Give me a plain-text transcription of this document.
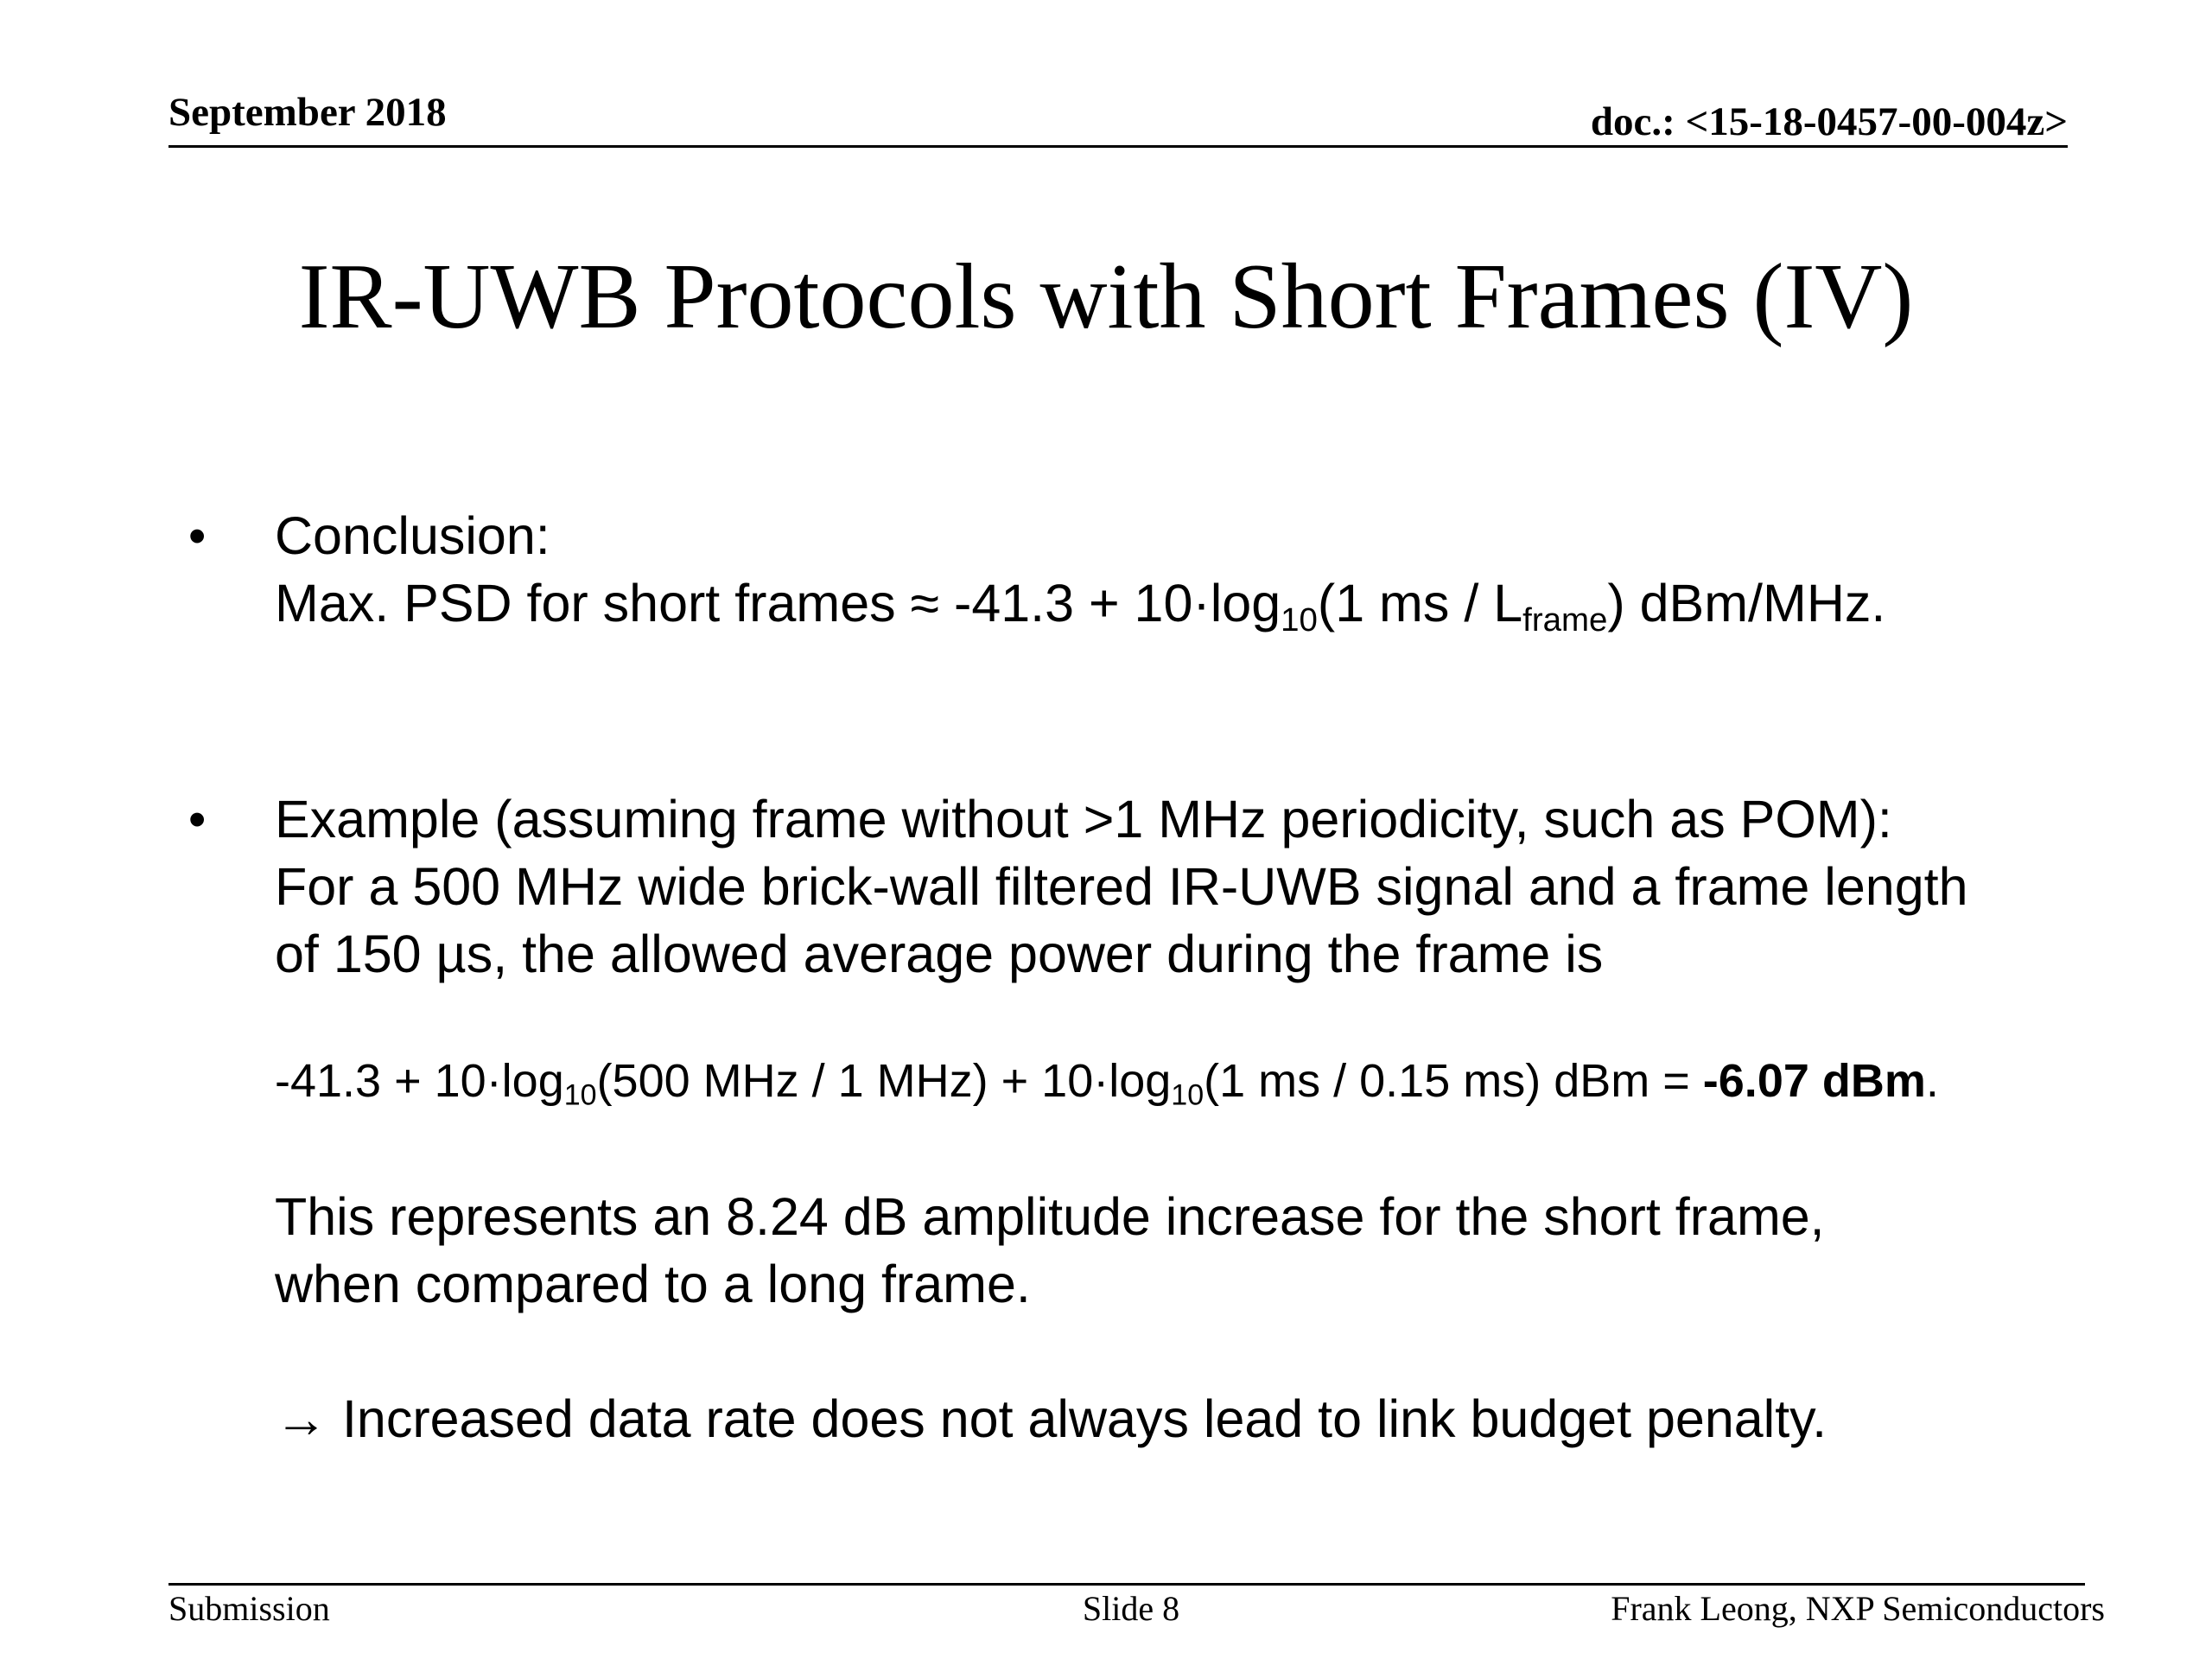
September 2018	doc.: <15-18-0457-00-004z>
IR-UWB Protocols with Short Frames (IV)
• Conclusion:
Max. PSD for short frames ≈ $-41.3 + 10\cdot\log_{10}(1$ ms / $L_{frame}$) dBm/MHz.
• Example (assuming frame without >1 MHz periodicity, such as POM):
For a 500 MHz wide brick-wall filtered IR-UWB signal and a frame length
of 150 µs, the allowed average power during the frame is
$-41.3 + 10\cdot\log_{10}(500$ MHz / 1 $MHz) + 10\cdot\log_{10}(1$ ms / 0.15 ms) dBm = -6.07 dBm.
This represents an 8.24 dB amplitude increase for the short frame,
when compared to a long frame.
→ Increased data rate does not always lead to link budget penalty.
Submission	Slide 8	Frank Leong, NXP Semiconductors
